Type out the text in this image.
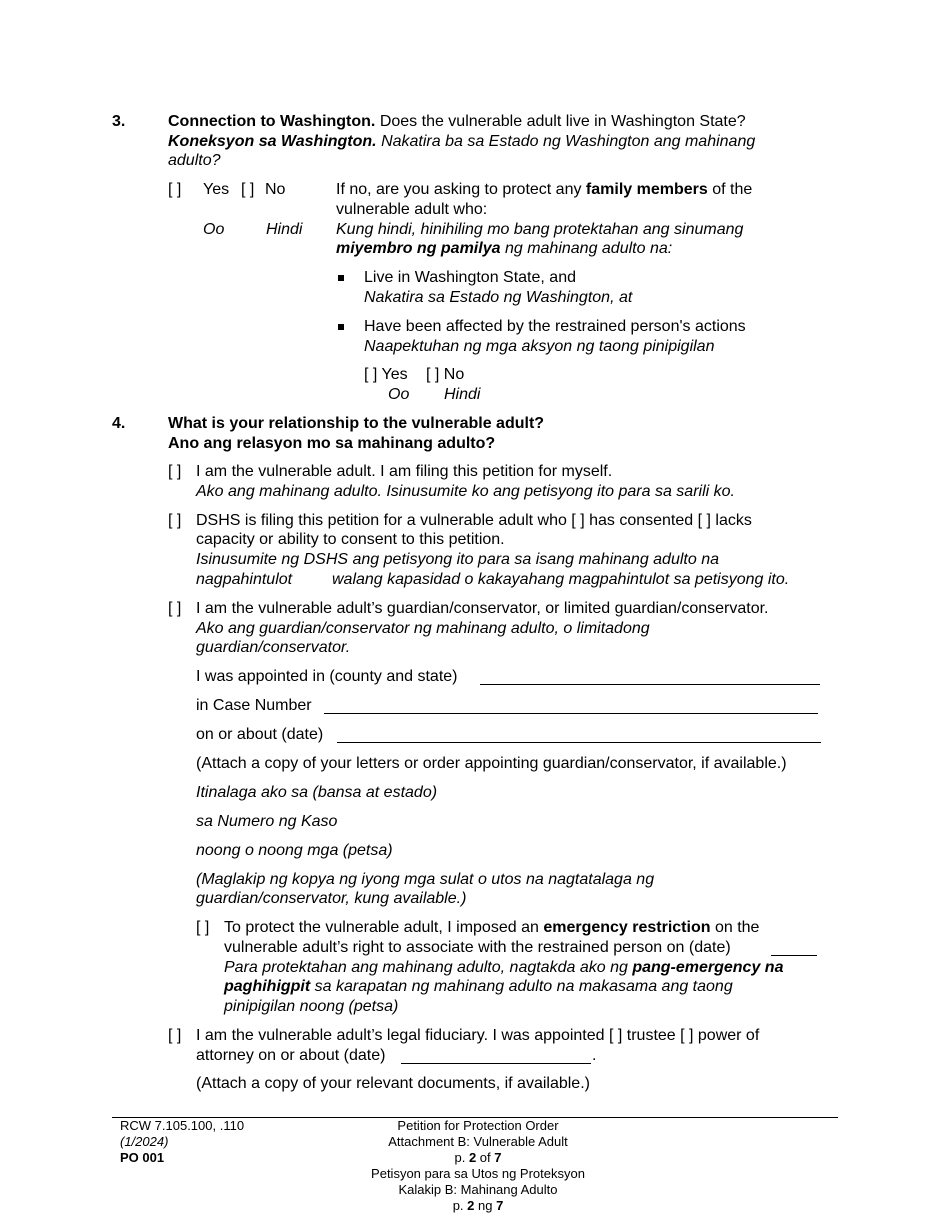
3.	Connection to Washington. Does the vulnerable adult live in Washington State?
Koneksyon sa Washington. Nakatira ba sa Estado ng Washington ang mahinang
adulto?
[ ] Yes [ ] No
Oo	Hindi
If no, are you asking to protect any family members of the
vulnerable adult who:
Kung hindi, hinihiling mo bang protektahan ang sinumang
miyembro ng pamilya ng mahinang adulto na:
Live in Washington State, and
Nakatira sa Estado ng Washington, at
Have been affected by the restrained person's actions
Naapektuhan ng mga aksyon ng taong pinipigilan
[ ] Yes [ ] No
Oo Hindi
4.	What is your relationship to the vulnerable adult?
Ano ang relasyon mo sa mahinang adulto?
[ ] I am the vulnerable adult. I am filing this petition for myself.
Ako ang mahinang adulto. Isinusumite ko ang petisyong ito para sa sarili ko.
[ ] DSHS is filing this petition for a vulnerable adult who [ ] has consented [ ] lacks
capacity or ability to consent to this petition.
Isinusumite ng DSHS ang petisyong ito para sa isang mahinang adulto na
nagpahintulot walang kapasidad o kakayahang magpahintulot sa petisyong ito.
[ ] I am the vulnerable adult’s guardian/conservator, or limited guardian/conservator.
Ako ang guardian/conservator ng mahinang adulto, o limitadong
guardian/conservator.
I was appointed in (county and state)
in Case Number
on or about (date)
(Attach a copy of your letters or order appointing guardian/conservator, if available.)
Itinalaga ako sa (bansa at estado)
sa Numero ng Kaso
noong o noong mga (petsa)
(Maglakip ng kopya ng iyong mga sulat o utos na nagtatalaga ng
guardian/conservator, kung available.)
[ ] To protect the vulnerable adult, I imposed an emergency restriction on the
vulnerable adult’s right to associate with the restrained person on (date)
Para protektahan ang mahinang adulto, nagtakda ako ng pang-emergency na
paghihigpit sa karapatan ng mahinang adulto na makasama ang taong
pinipigilan noong (petsa)
[ ] I am the vulnerable adult’s legal fiduciary. I was appointed [ ] trustee [ ] power of
attorney on or about (date)	.
(Attach a copy of your relevant documents, if available.)
RCW 7.105.100, .110
(1/2024)
PO 001
Petition for Protection Order
Attachment B: Vulnerable Adult
p. 2 of 7
Petisyon para sa Utos ng Proteksyon
Kalakip B: Mahinang Adulto
p. 2 ng 7
